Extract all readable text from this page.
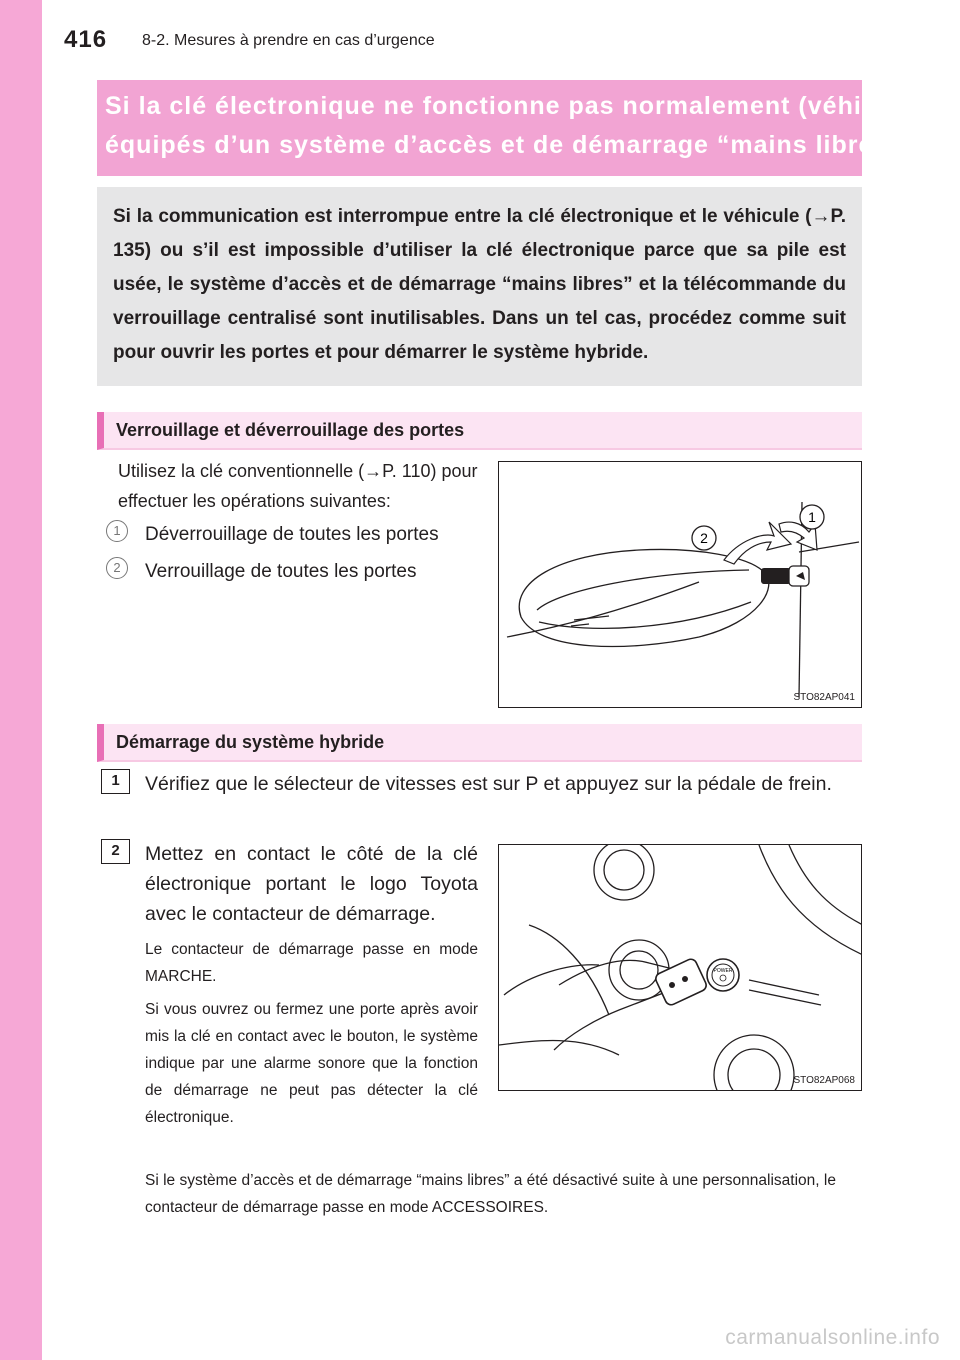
416 8-2. Mesures à prendre en cas d’urgence
Si la clé électronique ne fonctionne pas normalement (véhicules
équipés d’un système d’accès et de démarrage “mains libres”)

Si la communication est interrompue entre la clé électronique et le véhicule (→P. 135) ou s’il est impossible d’utiliser la clé électronique parce que sa pile est usée, le système d’accès et de démarrage “mains libres” et la télécommande du verrouillage centralisé sont inutilisables. Dans un tel cas, procédez comme suit pour ouvrir les portes et pour démarrer le système hybride.

Verrouillage et déverrouillage des portes

Utilisez la clé conventionnelle (→P. 110) pour effectuer les opérations suivantes:

1	Déverrouillage de toutes les portes
2	Verrouillage de toutes les portes
2
1
STO82AP041
Démarrage du système hybride
1	Vérifiez que le sélecteur de vitesses est sur P et appuyez sur la pédale de frein.
2	Mettez en contact le côté de la clé électronique portant le logo Toyota avec le contacteur de démarrage.

Le contacteur de démarrage passe en mode MARCHE.

Si vous ouvrez ou fermez une porte après avoir mis la clé en contact avec le bouton, le système indique par une alarme sonore que la fonction de démarrage ne peut pas détecter la clé électronique.

POWER
STO82AP068

Si le système d’accès et de démarrage “mains libres” a été désactivé suite à une personnalisation, le contacteur de démarrage passe en mode ACCESSOIRES.

carmanualsonline.info
